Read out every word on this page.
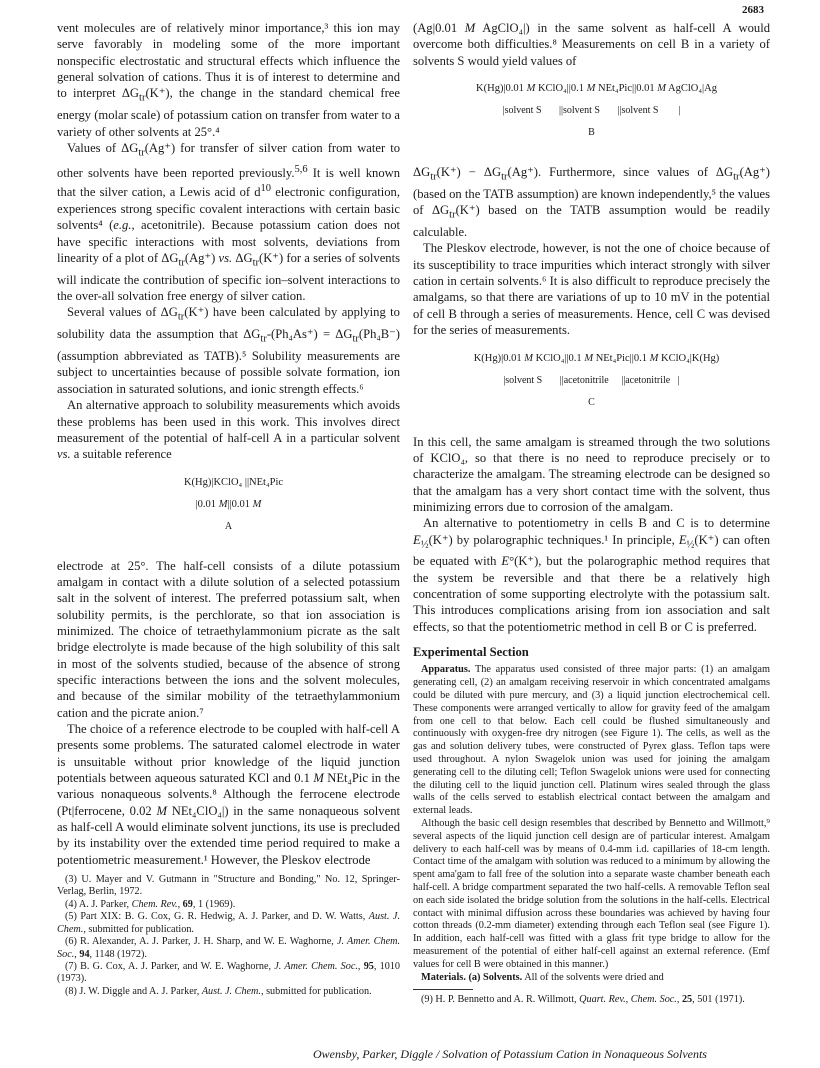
2683

vent molecules are of relatively minor importance,³ this ion may serve favorably in modeling some of the more important nonspecific electrostatic and structural effects which influence the general solvation of cations. Thus it is of interest to determine and to interpret $\Delta G_{tr}(K^+)$, the change in the standard chemical free energy (molar scale) of potassium cation on transfer from water to a variety of other solvents at 25°.⁴

Values of $\Delta G_{tr}(Ag^+)$ for transfer of silver cation from water to other solvents have been reported previously.$^{5,6}$ It is well known that the silver cation, a Lewis acid of $d^{10}$ electronic configuration, experiences strong specific covalent interactions with certain basic solvents⁴ (e.g., acetonitrile). Because potassium cation does not have specific interactions with most solvents, deviations from linearity of a plot of $\Delta G_{tr}(Ag^+)$ vs. $\Delta G_{tr}(K^+)$ for a series of solvents will indicate the contribution of specific ion–solvent interactions to the over-all solvation free energy of silver cation.

Several values of $\Delta G_{tr}(K^+)$ have been calculated by applying to solubility data the assumption that $\Delta G_{tr}-(Ph_4As^+) = \Delta G_{tr}(Ph_4B^-)$ (assumption abbreviated as TATB).⁵ Solubility measurements are subject to uncertainties because of possible solvate formation, ion association in saturated solutions, and ionic strength effects.⁶

An alternative approach to solubility measurements which avoids these problems has been used in this work. This involves direct measurement of the potential of half-cell A in a particular solvent vs. a suitable reference

K(Hg)|KClO₄ ||NEt₄Pic

|0.01 M||0.01 M

A

electrode at 25°. The half-cell consists of a dilute potassium amalgam in contact with a dilute solution of a selected potassium salt in the solvent of interest. The preferred potassium salt, when solubility permits, is the perchlorate, so that ion association is minimized. The choice of tetraethylammonium picrate as the salt bridge electrolyte is made because of the high solubility of this salt in most of the solvents studied, because of the absence of strong specific interactions between the ions and the solvent molecules, and because of the similar mobility of the tetraethylammonium cation and the picrate anion.⁷

The choice of a reference electrode to be coupled with half-cell A presents some problems. The saturated calomel electrode in water is unsuitable without prior knowledge of the liquid junction potentials between aqueous saturated KCl and 0.1 M NEt₄Pic in the various nonaqueous solvents.⁸ Although the ferrocene electrode (Pt|ferrocene, 0.02 M NEt₄ClO₄|) in the same nonaqueous solvent as half-cell A would eliminate solvent junctions, its use is precluded by its instability over the extended time period required to make a potentiometric measurement.¹ However, the Pleskov electrode

(3) U. Mayer and V. Gutmann in "Structure and Bonding," No. 12, Springer-Verlag, Berlin, 1972.
(4) A. J. Parker, Chem. Rev., 69, 1 (1969).
(5) Part XIX: B. G. Cox, G. R. Hedwig, A. J. Parker, and D. W. Watts, Aust. J. Chem., submitted for publication.
(6) R. Alexander, A. J. Parker, J. H. Sharp, and W. E. Waghorne, J. Amer. Chem. Soc., 94, 1148 (1972).
(7) B. G. Cox, A. J. Parker, and W. E. Waghorne, J. Amer. Chem. Soc., 95, 1010 (1973).
(8) J. W. Diggle and A. J. Parker, Aust. J. Chem., submitted for publication.

(Ag|0.01 M AgClO₄|) in the same solvent as half-cell A would overcome both difficulties.⁸ Measurements on cell B in a variety of solvents S would yield values of

K(Hg)|0.01 M KClO₄||0.1 M NEt₄Pic||0.01 M AgClO₄|Ag

|solvent S       ||solvent S       ||solvent S        |

B

$\Delta G_{tr}(K^+) - \Delta G_{tr}(Ag^+)$. Furthermore, since values of $\Delta G_{tr}(Ag^+)$ (based on the TATB assumption) are known independently,⁵ the values of $\Delta G_{tr}(K^+)$ based on the TATB assumption would be readily calculable.

The Pleskov electrode, however, is not the one of choice because of its susceptibility to trace impurities which interact strongly with silver cation in certain solvents.⁶ It is also difficult to reproduce precisely the amalgams, so that there are variations of up to 10 mV in the potential of cell B through a series of measurements. Hence, cell C was devised for the series of measurements.

K(Hg)|0.01 M KClO₄||0.1 M NEt₄Pic||0.1 M KClO₄|K(Hg)

|solvent S       ||acetonitrile     ||acetonitrile   |

C

In this cell, the same amalgam is streamed through the two solutions of KClO₄, so that there is no need to reproduce precisely or to characterize the amalgam. The streaming electrode can be designed so that the amalgam has a very short contact time with the solvent, thus minimizing errors due to corrosion of the amalgam.

An alternative to potentiometry in cells B and C is to determine $E_{\frac{1}{2}}(K^+)$ by polarographic techniques.¹ In principle, $E_{\frac{1}{2}}(K^+)$ can often be equated with E°(K⁺), but the polarographic method requires that the system be reversible and that there be a relatively high concentration of some supporting electrolyte with the potassium salt. This introduces complications arising from ion association and salt effects, so that the potentiometric method in cell B or C is preferred.

Experimental Section

Apparatus. The apparatus used consisted of three major parts: (1) an amalgam generating cell, (2) an amalgam receiving reservoir in which concentrated amalgams could be diluted with pure mercury, and (3) a liquid junction electrochemical cell. These components were arranged vertically to allow for gravity feed of the amalgam from one cell to that below. Each cell could be flushed simultaneously and continuously with oxygen-free dry nitrogen (see Figure 1). The cells, as well as the gas and solution delivery tubes, were constructed of Pyrex glass. Teflon taps were used throughout. A nylon Swagelok union was used for joining the amalgam generating cell to the diluting cell; Teflon Swagelok unions were used for connecting the diluting cell to the liquid junction cell. Platinum wires sealed through the glass walls of the cells served to establish electrical contact between the amalgam and external leads.

Although the basic cell design resembles that described by Bennetto and Willmott,⁹ several aspects of the liquid junction cell design are of particular interest. Amalgam delivery to each half-cell was by means of 0.4-mm i.d. capillaries of 18-cm length. Contact time of the amalgam with solution was reduced to a minimum by allowing the spent ama'gam to fall free of the solution into a separate waste chamber beneath each half-cell. A bridge compartment separated the two half-cells. A removable Teflon seal on each side isolated the bridge solution from the solutions in the half-cells. Electrical contact with minimal diffusion across these boundaries was achieved by having four cotton threads (0.2-mm diameter) extending through each Teflon seal (see Figure 1). In addition, each half-cell was fitted with a glass frit type bridge to allow for the measurement of the potential of either half-cell against an external reference. (Emf values for cell B were obtained in this manner.)

Materials. (a) Solvents. All of the solvents were dried and

(9) H. P. Bennetto and A. R. Willmott, Quart. Rev., Chem. Soc., 25, 501 (1971).
Owensby, Parker, Diggle / Solvation of Potassium Cation in Nonaqueous Solvents
